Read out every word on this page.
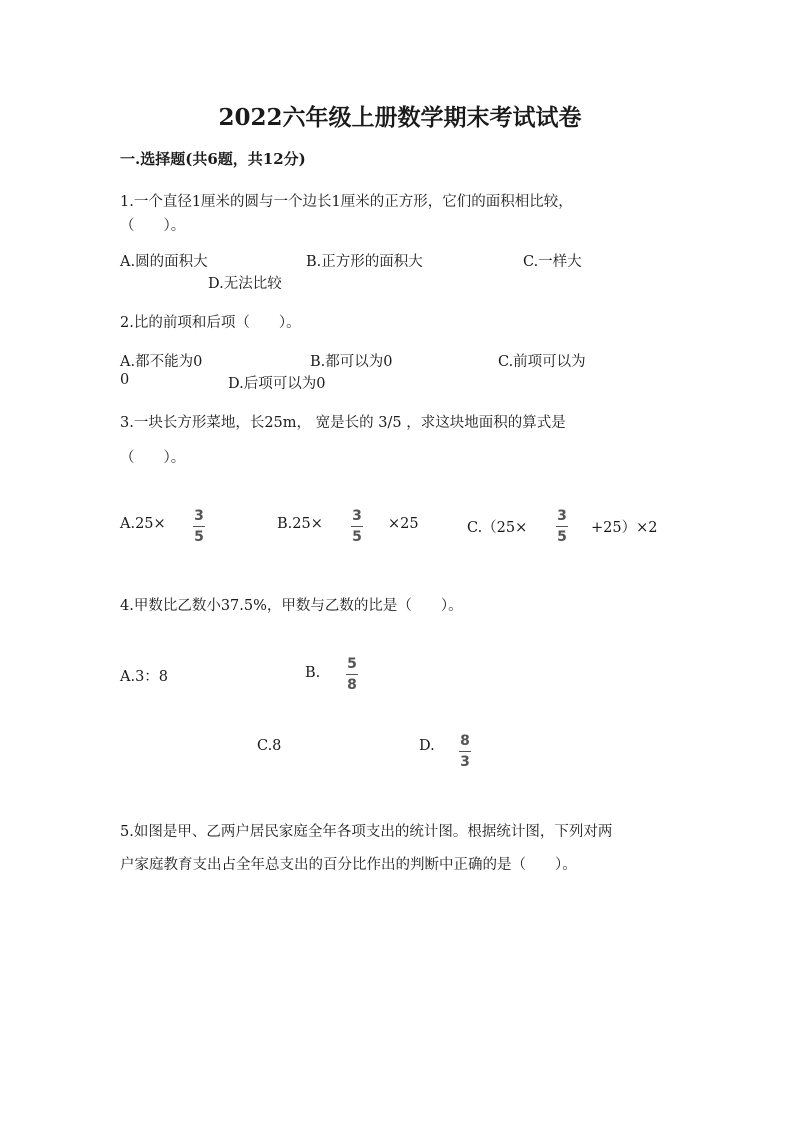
2022六年级上册数学期末考试试卷
一.选择题(共6题，共12分)
1.一个直径1厘米的圆与一个边长1厘米的正方形，它们的面积相比较，
（　　）。
A.圆的面积大	B.正方形的面积大	C.一样大
D.无法比较
2.比的前项和后项（　　）。
A.都不能为0	B.都可以为0	C.前项可以为
0	D.后项可以为0
3.一块长方形菜地，长25m， 宽是长的 3/5 ，求这块地面积的算式是
（　　）。
A.25× 3
5
B.25× 3
5
×25	C.（25×
3
5
+25）×2
4.甲数比乙数小37.5%，甲数与乙数的比是（　　）。
A.3：8	B.
5
8
C.8	D. 8
3
5.如图是甲、乙两户居民家庭全年各项支出的统计图。根据统计图，下列对两
户家庭教育支出占全年总支出的百分比作出的判断中正确的是（　　）。
